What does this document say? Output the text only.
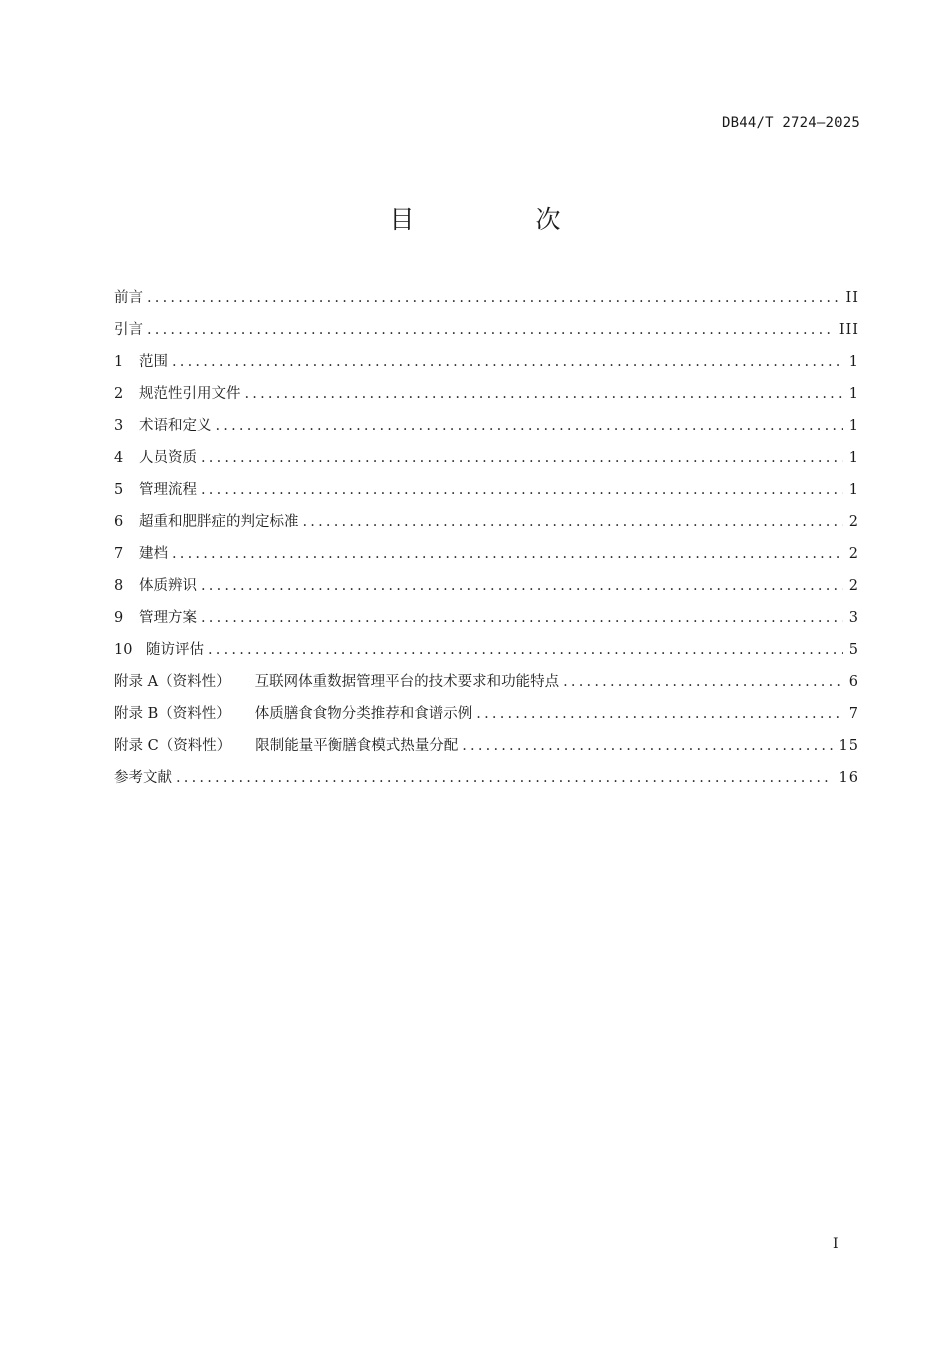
DB44/T 2724—2025
目　次
前言 .....	II
引言 .....	III
1	范围 .....	1
2	规范性引用文件 .....	1
3	术语和定义 .....	1
4	人员资质 .....	1
5	管理流程 .....	1
6	超重和肥胖症的判定标准 .....	2
7	建档 .....	2
8	体质辨识 .....	2
9	管理方案 .....	3
10 随访评估 .....	5
附录 A（资料性） 互联网体重数据管理平台的技术要求和功能特点 .....	6
附录 B（资料性） 体质膳食食物分类推荐和食谱示例 .....	7
附录 C（资料性） 限制能量平衡膳食模式热量分配 .....	15
参考文献 .....	16
I
